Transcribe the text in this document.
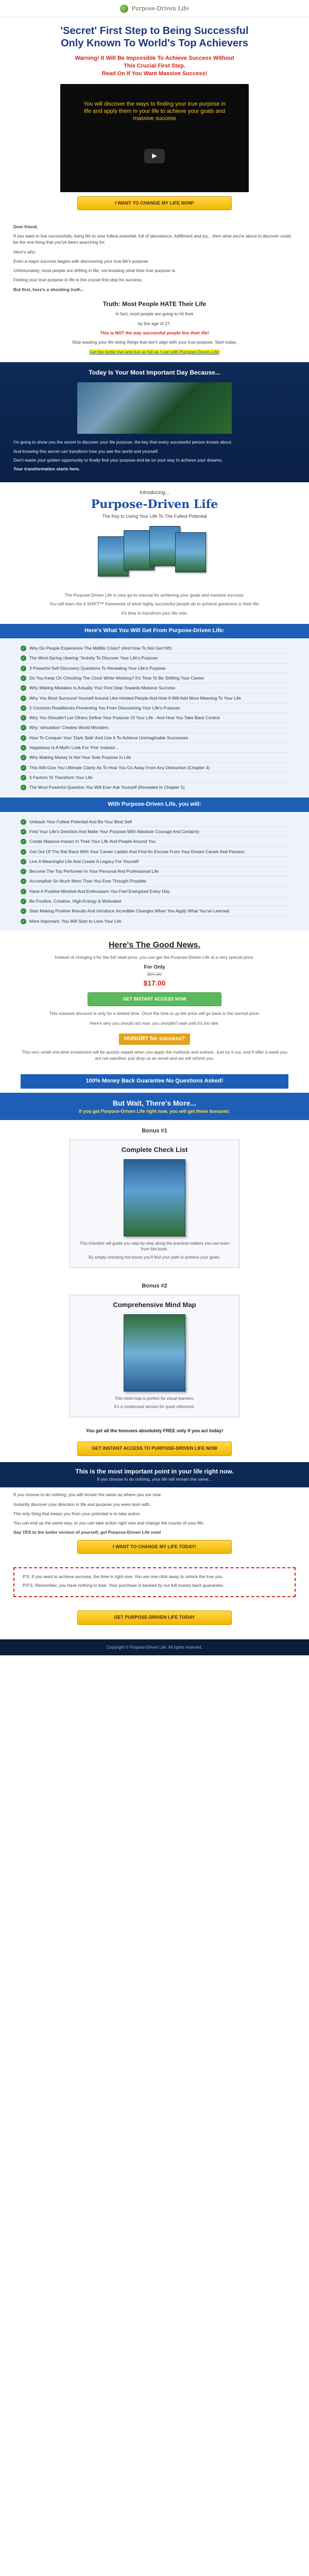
Purpose-Driven Life
'Secret' First Step to Being Successful
Only Known To World's Top Achievers
Warning! It Will Be Impossible To Achieve Success Without
This Crucial First Step.
Read On If You Want Massive Success!
You will discover the ways to finding your true purpose in life and apply them in your life to achieve your goals and massive success
▶
I WANT TO CHANGE MY LIFE NOW!

Dear friend,

If you want to live successfully, living life to your fullest potential, full of abundance, fulfillment and joy... then what you're about to discover could be the one thing that you've been searching for.

Here's why:

Even a major success begins with discovering your true life's purpose.

Unfortunately, most people are drifting in life, not knowing what their true purpose is.

Finding your true purpose in life is the crucial first step for success.

But first, here's a shocking truth...

Truth: Most People HATE Their Life

In fact, most people are going to hit their

by the age of 27.

This is NOT the way successful people live their life!

Stop wasting your life doing things that don't align with your true purpose. Start today.

Get the better live and live as full as I can with Purpose-Driven Life!

Today Is Your Most Important Day Because...

I'm going to show you the secret to discover your life purpose, the key that every successful person knows about.

And knowing this secret can transform how you see the world and yourself.

Don't waste your golden opportunity to finally find your purpose and be on your way to achieve your dreams.

Your transformation starts here.

Introducing...
Purpose-Driven Life
The Key to Living Your Life To The Fullest Potential

The Purpose-Driven Life is your go-to manual for achieving your goals and massive success.

You will learn the 6 SHIFT™ framework of what highly successful people do to achieve greatness in their life.

It's time to transform your life now.

Here's What You Will Get From Purpose-Driven Life:
✓ Why Do People Experience The Midlife Crisis? (And How To Not Get Hit!)
✓ The Mind-Spring clearing "Activity To Discover Your Life's Purpose
✓ 3 Powerful Self-Discovery Questions To Revealing Your Life's Purpose
✓ Do You Keep On Checking The Clock While Working? It's Time To Be Shifting Your Career
✓ Why Making Mistakes Is Actually Your First Step Towards Massive Success
✓ Why You Must Surround Yourself Around Like-minded People And How It Will Add More Meaning To Your Life
✓ 5 Common Roadblocks Preventing You From Discovering Your Life's Purpose
✓ Why You Shouldn't Let Others Define Your Purpose Of Your Life - And How You Take Back Control
✓ Why 'simulation' Creates World Wonders
✓ How To Conquer Your 'Dark Side' And Use It To Achieve Unimaginable Successes
✓ Happiness Is A Myth! Look For 'Fire' Instead...
✓ Why Making Money Is Not Your Sole Purpose In Life
✓ This Will Give You Ultimate Clarity As To How You Go Away From Any Distraction (Chapter 4)
✓ 5 Factors To Transform Your Life
✓ The Most Powerful Question You Will Ever Ask Yourself (Revealed In Chapter 5)
With Purpose-Driven Life, you will:
✓ Unleash Your Fullest Potential And Be Your Best Self
✓ Find Your Life's Direction And Make Your Purpose With Absolute Courage And Certainty
✓ Create Massive Impact In Their Your Life And People Around You
✓ Get Out Of The Rat Race With Your Career Ladder And Find An Excuse From Your Dream Career And Passion
✓ Live A Meaningful Life And Create A Legacy For Yourself
✓ Become The Top Performer In Your Personal And Professional Life
✓ Accomplish So Much More Than You Ever Thought Possible
✓ Have A Positive Mindset And Enthusiasm You Feel Energized Every Day
✓ Be Positive, Creative, High-Energy & Motivated
✓ Start Making Positive Results And Introduce Incredible Changes When You Apply What You've Learned
✓ More Important, You Will Start to Love Your Life
Here's The Good News.

Instead of charging it for the full retail price, you can get the Purpose-Driven Life at a very special price.

For Only
$97.00
$17.00
GET INSTANT ACCESS NOW

This massive discount is only for a limited time. Once the time is up the price will go back to the normal price.

Here's why you should act now: you shouldn't wait until it's too late.

HUNGRY for success?

This very small one-time investment will be quickly repaid when you apply the methods and actions. Just try it out, and if after a week you are not satisfied, just drop us an email and we will refund you.

100% Money Back Guarantee No Questions Asked!
But Wait, There's More...

If you get Purpose-Driven Life right now, you will get these bonuses:

Bonus #1
Complete Check List

This checklist will guide you step-by-step along the practical matters you can learn from this book.

By simply checking the boxes you'll find your path to achieve your goals.

Bonus #2
Comprehensive Mind Map

This mind map is perfect for visual learners.

It's a condensed version for quick reference.

You get all the bonuses absolutely FREE only if you act today!
GET INSTANT ACCESS TO PURPOSE-DRIVEN LIFE NOW
This is the most important point in your life right now.

If you choose to do nothing, your life will remain the same...

If you choose to do nothing, you will remain the same as where you are now.

Instantly discover your direction in life and purpose you were born with.

The only thing that keeps you from your potential is to take action.

You can end up the same way, or you can take action right now and change the course of your life.

Say YES to the better version of yourself, get Purpose-Driven Life now!

I WANT TO CHANGE MY LIFE TODAY!

P.S. If you want to achieve success, the time is right now. You are one click away to unlock the true you.

P.P.S. Remember, you have nothing to lose. Your purchase is backed by our full money back guarantee.

GET PURPOSE-DRIVEN LIFE TODAY
Copyright © Purpose-Driven Life. All rights reserved.
